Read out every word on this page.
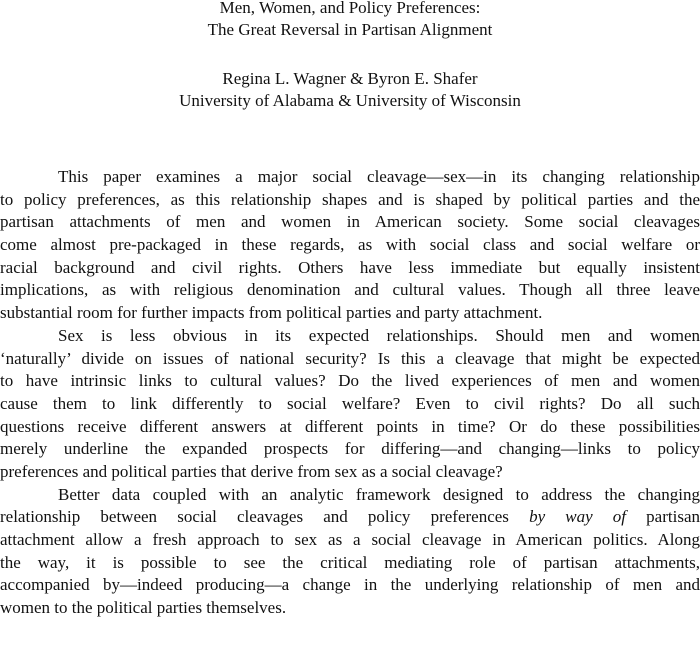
Men, Women, and Policy Preferences:
The Great Reversal in Partisan Alignment
Regina L. Wagner & Byron E. Shafer
University of Alabama & University of Wisconsin
This paper examines a major social cleavage—sex—in its changing relationship
to policy preferences, as this relationship shapes and is shaped by political parties and the
partisan attachments of men and women in American society. Some social cleavages
come almost pre-packaged in these regards, as with social class and social welfare or
racial background and civil rights. Others have less immediate but equally insistent
implications, as with religious denomination and cultural values. Though all three leave
substantial room for further impacts from political parties and party attachment.
Sex is less obvious in its expected relationships. Should men and women
‘naturally’ divide on issues of national security? Is this a cleavage that might be expected
to have intrinsic links to cultural values? Do the lived experiences of men and women
cause them to link differently to social welfare? Even to civil rights? Do all such
questions receive different answers at different points in time? Or do these possibilities
merely underline the expanded prospects for differing—and changing—links to policy
preferences and political parties that derive from sex as a social cleavage?
Better data coupled with an analytic framework designed to address the changing
relationship between social cleavages and policy preferences by way of partisan
attachment allow a fresh approach to sex as a social cleavage in American politics. Along
the way, it is possible to see the critical mediating role of partisan attachments,
accompanied by—indeed producing—a change in the underlying relationship of men and
women to the political parties themselves.
